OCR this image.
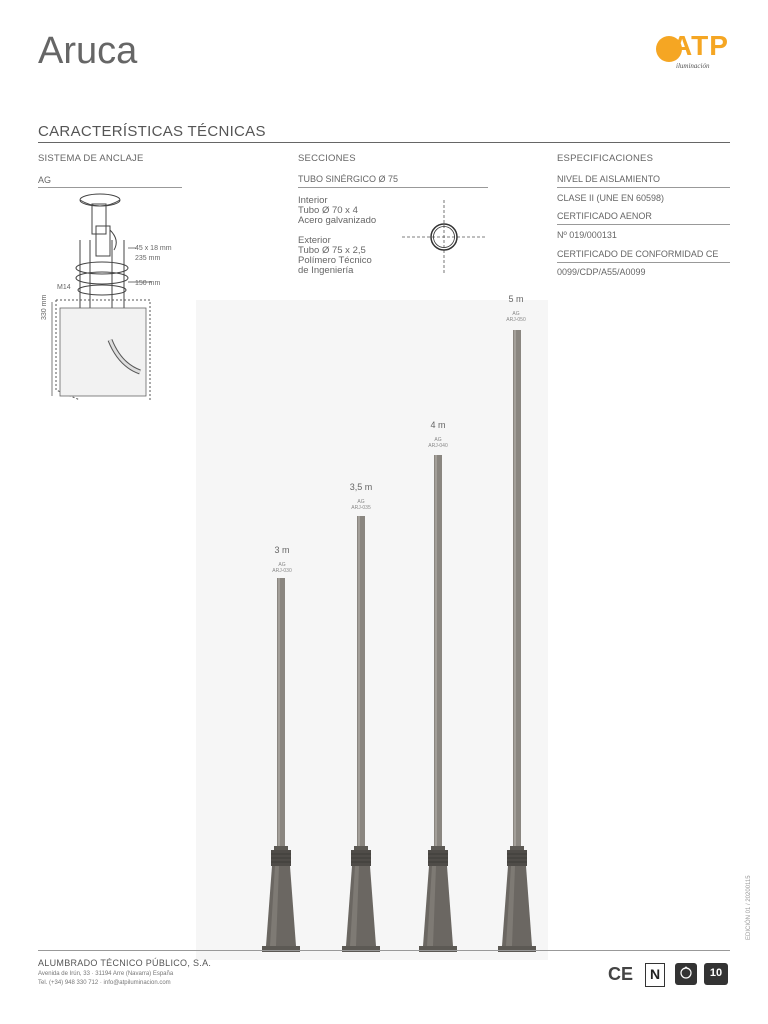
Aruca	ATP
iluminación
CARACTERÍSTICAS TÉCNICAS
SISTEMA DE ANCLAJE
AG
45 x 18 mm
235 mm
150 mm
M14
330 mm
SECCIONES
TUBO SINÉRGICO Ø 75
Interior
Tubo Ø 70 x 4
Acero galvanizado
Exterior
Tubo Ø 75 x 2,5
Polímero Técnico
de Ingeniería
ESPECIFICACIONES
NIVEL DE AISLAMIENTO
CLASE II (UNE EN 60598)
CERTIFICADO AENOR
Nº 019/000131
CERTIFICADO DE CONFORMIDAD CE
0099/CDP/A55/A0099
3 m
AG
ARJ-030
3,5 m
AG
ARJ-035
4 m
AG
ARJ-040
5 m
AG
ARJ-050
EDICIÓN 01 / 20200115
ALUMBRADO TÉCNICO PÚBLICO, S.A.
Avenida de Irún, 33 · 31194 Arre (Navarra) España
Tel. (+34) 948 330 712 · info@atpiluminacion.com	CE	N	10
